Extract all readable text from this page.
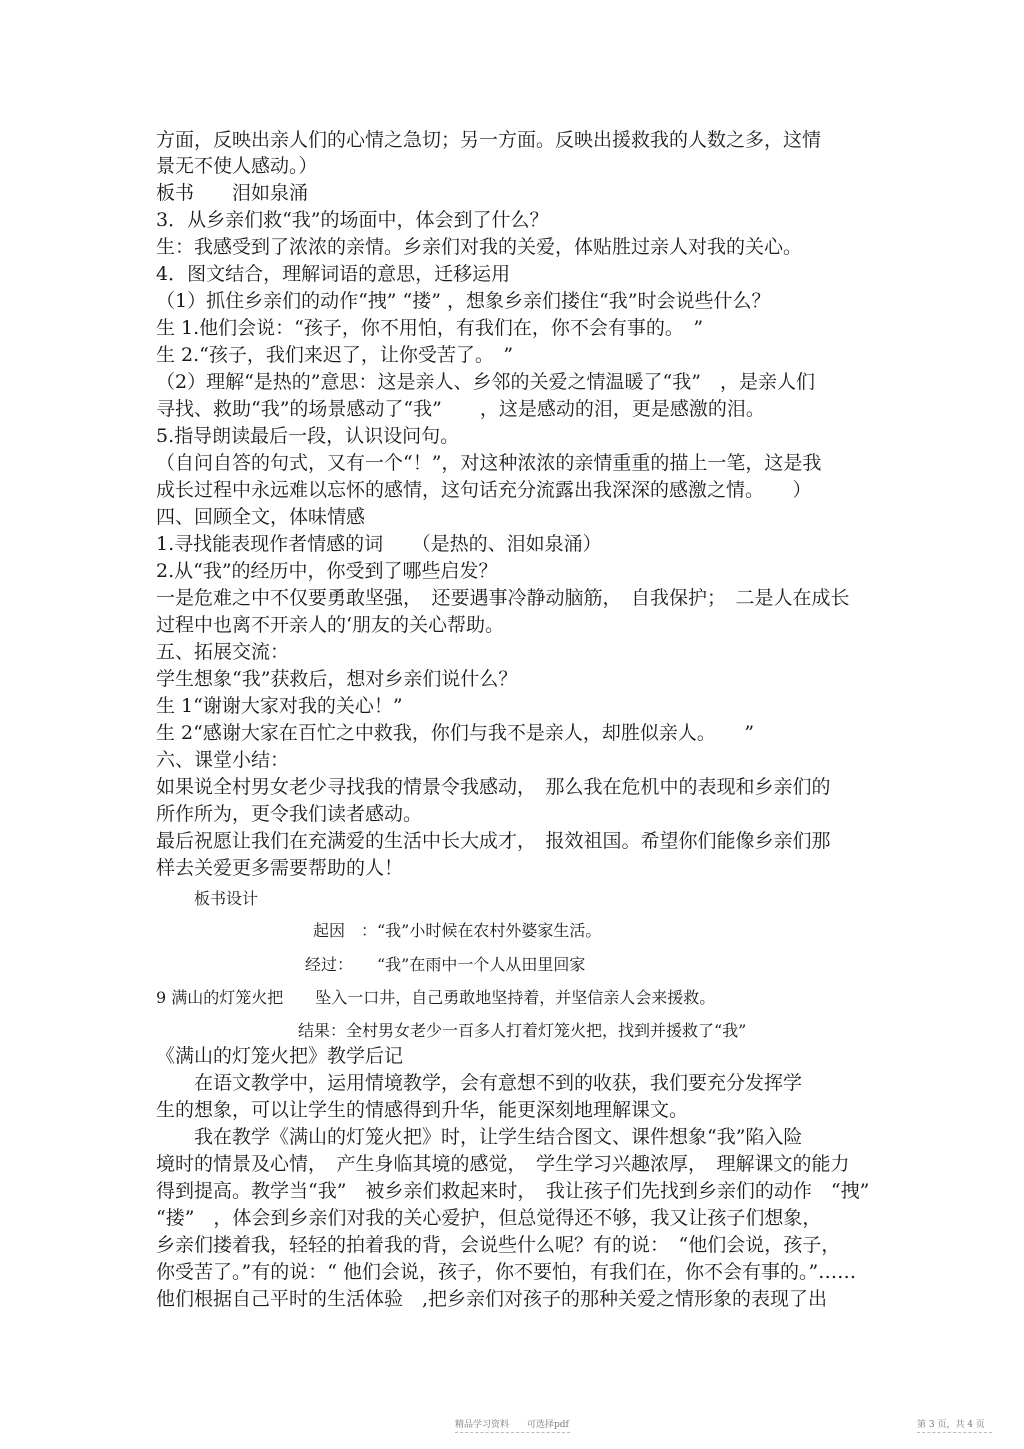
方面，反映出亲人们的心情之急切；另一方面。反映出援救我的人数之多，这情
景无不使人感动。）
板书　　泪如泉涌
3．从乡亲们救“我”的场面中，体会到了什么？
生：我感受到了浓浓的亲情。乡亲们对我的关爱，体贴胜过亲人对我的关心。
4．图文结合，理解词语的意思，迁移运用
（1）抓住乡亲们的动作“拽” “搂” ，想象乡亲们搂住“我”时会说些什么？
生 1.他们会说：“孩子，你不用怕，有我们在，你不会有事的。　”
生 2.“孩子，我们来迟了，让你受苦了。　”
（2）理解“是热的”意思：这是亲人、乡邻的关爱之情温暖了“我”　，是亲人们
寻找、救助“我”的场景感动了“我”　　，这是感动的泪，更是感激的泪。
5.指导朗读最后一段，认识设问句。
（自问自答的句式，又有一个“！”，对这种浓浓的亲情重重的描上一笔，这是我
成长过程中永远难以忘怀的感情，这句话充分流露出我深深的感激之情。　　）
四、回顾全文，体味情感
1.寻找能表现作者情感的词　　（是热的、泪如泉涌）
2.从“我”的经历中，你受到了哪些启发？
一是危难之中不仅要勇敢坚强，　还要遇事冷静动脑筋，　自我保护；　二是人在成长
过程中也离不开亲人的‘朋友的关心帮助。
五、拓展交流：
学生想象“我”获救后，想对乡亲们说什么？
生 1“谢谢大家对我的关心！”
生 2“感谢大家在百忙之中救我，你们与我不是亲人，却胜似亲人。　　”
六、课堂小结：
如果说全村男女老少寻找我的情景令我感动，　那么我在危机中的表现和乡亲们的
所作所为，更令我们读者感动。
最后祝愿让我们在充满爱的生活中长大成才，　报效祖国。希望你们能像乡亲们那
样去关爱更多需要帮助的人！
板书设计
起因　：“我”小时候在农村外婆家生活。
经过：　　“我”在雨中一个人从田里回家
9 满山的灯笼火把　　坠入一口井，自己勇敢地坚持着，并坚信亲人会来援救。
结果：全村男女老少一百多人打着灯笼火把，找到并援救了“我”
《满山的灯笼火把》教学后记
　　在语文教学中，运用情境教学，会有意想不到的收获，我们要充分发挥学
生的想象，可以让学生的情感得到升华，能更深刻地理解课文。
　　我在教学《满山的灯笼火把》时，让学生结合图文、课件想象“我”陷入险
境时的情景及心情，　产生身临其境的感觉，　学生学习兴趣浓厚，　理解课文的能力
得到提高。教学当“我”　被乡亲们救起来时，　我让孩子们先找到乡亲们的动作　“拽”
“搂”　，体会到乡亲们对我的关心爱护，但总觉得还不够，我又让孩子们想象，
乡亲们搂着我，轻轻的拍着我的背，会说些什么呢？有的说：　“他们会说，孩子，
你受苦了。”有的说：“ 他们会说，孩子，你不要怕，有我们在，你不会有事的。”……
他们根据自己平时的生活体验　,把乡亲们对孩子的那种关爱之情形象的表现了出
精品学习资料　　可选择pdf	第 3 页，共 4 页
